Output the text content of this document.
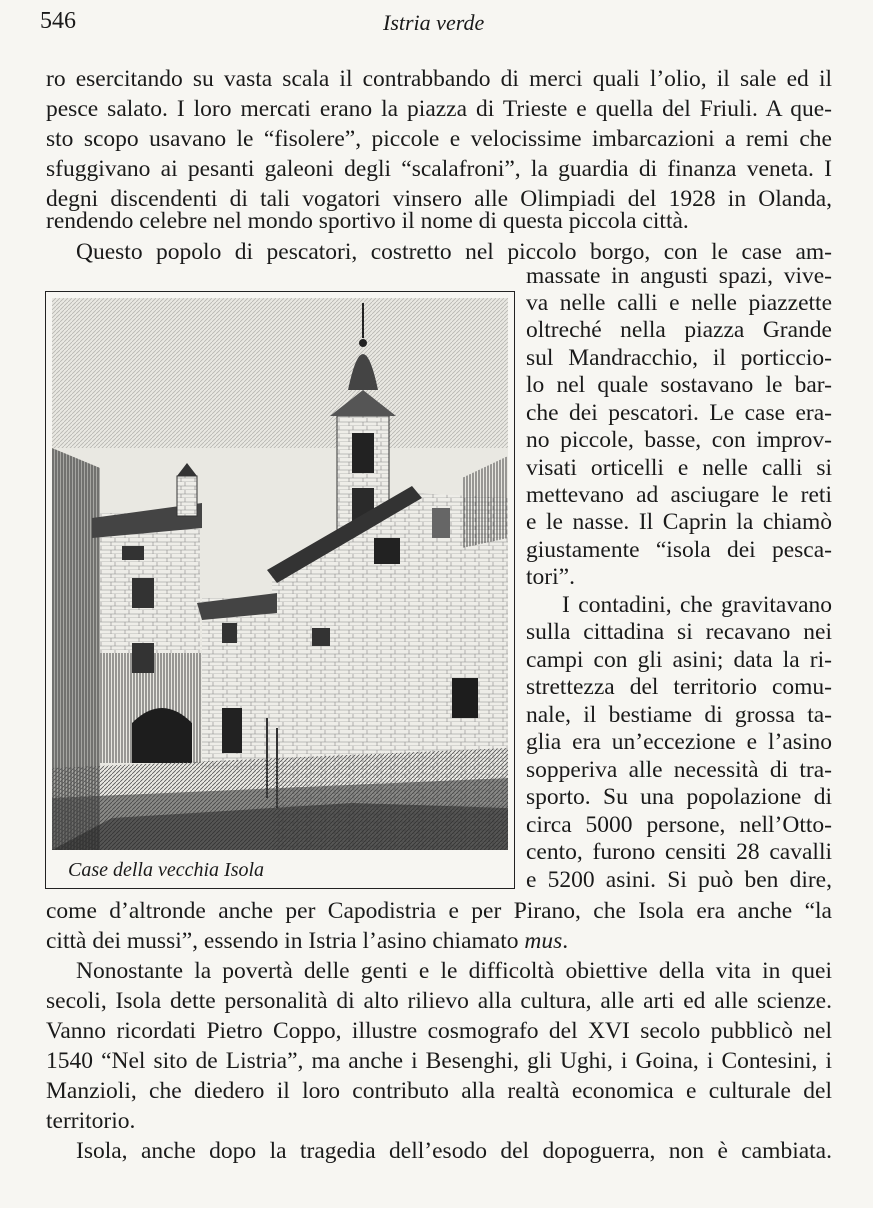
546	Istria verde
ro esercitando su vasta scala il contrabbando di merci quali l’olio, il sale ed il
pesce salato. I loro mercati erano la piazza di Trieste e quella del Friuli. A que-
sto scopo usavano le “fisolere”, piccole e velocissime imbarcazioni a remi che
sfuggivano ai pesanti galeoni degli “scalafroni”, la guardia di finanza veneta. I
degni discendenti di tali vogatori vinsero alle Olimpiadi del 1928 in Olanda,
rendendo celebre nel mondo sportivo il nome di questa piccola città.
Questo popolo di pescatori, costretto nel piccolo borgo, con le case am-
Case della vecchia Isola
massate in angusti spazi, vive-
va nelle calli e nelle piazzette
oltreché nella piazza Grande
sul Mandracchio, il porticcio-
lo nel quale sostavano le bar-
che dei pescatori. Le case era-
no piccole, basse, con improv-
visati orticelli e nelle calli si
mettevano ad asciugare le reti
e le nasse. Il Caprin la chiamò
giustamente “isola dei pesca-
tori”.
I contadini, che gravitavano
sulla cittadina si recavano nei
campi con gli asini; data la ri-
strettezza del territorio comu-
nale, il bestiame di grossa ta-
glia era un’eccezione e l’asino
sopperiva alle necessità di tra-
sporto. Su una popolazione di
circa 5000 persone, nell’Otto-
cento, furono censiti 28 cavalli
e 5200 asini. Si può ben dire,
come d’altronde anche per Capodistria e per Pirano, che Isola era anche “la
città dei mussi”, essendo in Istria l’asino chiamato mus.
Nonostante la povertà delle genti e le difficoltà obiettive della vita in quei
secoli, Isola dette personalità di alto rilievo alla cultura, alle arti ed alle scienze.
Vanno ricordati Pietro Coppo, illustre cosmografo del XVI secolo pubblicò nel
1540 “Nel sito de Listria”, ma anche i Besenghi, gli Ughi, i Goina, i Contesini, i
Manzioli, che diedero il loro contributo alla realtà economica e culturale del
territorio.
Isola, anche dopo la tragedia dell’esodo del dopoguerra, non è cambiata.
